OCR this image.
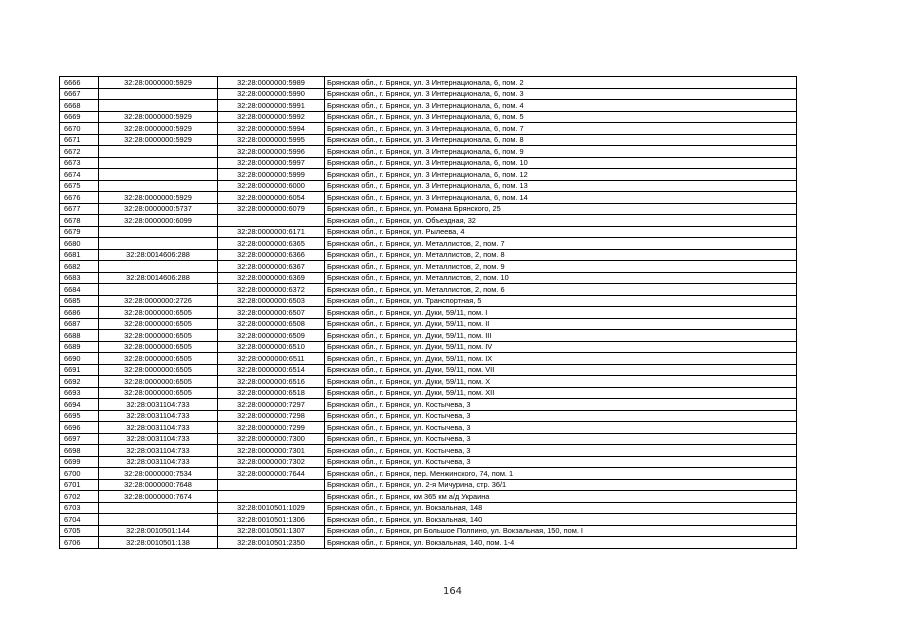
6666	32:28:0000000:5929	32:28:0000000:5989	Брянская обл., г. Брянск, ул. 3 Интернационала, 6, пом. 2
6667		32:28:0000000:5990	Брянская обл., г. Брянск, ул. 3 Интернационала, 6, пом. 3
6668		32:28:0000000:5991	Брянская обл., г. Брянск, ул. 3 Интернационала, 6, пом. 4
6669	32:28:0000000:5929	32:28:0000000:5992	Брянская обл., г. Брянск, ул. 3 Интернационала, 6, пом. 5
6670	32:28:0000000:5929	32:28:0000000:5994	Брянская обл., г. Брянск, ул. 3 Интернационала, 6, пом. 7
6671	32:28:0000000:5929	32:28:0000000:5995	Брянская обл., г. Брянск, ул. 3 Интернационала, 6, пом. 8
6672		32:28:0000000:5996	Брянская обл., г. Брянск, ул. 3 Интернационала, 6, пом. 9
6673		32:28:0000000:5997	Брянская обл., г. Брянск, ул. 3 Интернационала, 6, пом. 10
6674		32:28:0000000:5999	Брянская обл., г. Брянск, ул. 3 Интернационала, 6, пом. 12
6675		32:28:0000000:6000	Брянская обл., г. Брянск, ул. 3 Интернационала, 6, пом. 13
6676	32:28:0000000:5929	32:28:0000000:6054	Брянская обл., г. Брянск, ул. 3 Интернационала, 6, пом. 14
6677	32:28:0000000:5737	32:28:0000000:6079	Брянская обл., г. Брянск, ул. Романа Брянского, 25
6678	32:28:0000000:6099		Брянская обл., г. Брянск, ул. Объездная, 32
6679		32:28:0000000:6171	Брянская обл., г. Брянск, ул. Рылеева, 4
6680		32:28:0000000:6365	Брянская обл., г. Брянск, ул. Металлистов, 2, пом. 7
6681	32:28:0014606:288	32:28:0000000:6366	Брянская обл., г. Брянск, ул. Металлистов, 2, пом. 8
6682		32:28:0000000:6367	Брянская обл., г. Брянск, ул. Металлистов, 2, пом. 9
6683	32:28:0014606:288	32:28:0000000:6369	Брянская обл., г. Брянск, ул. Металлистов, 2, пом. 10
6684		32:28:0000000:6372	Брянская обл., г. Брянск, ул. Металлистов, 2, пом. 6
6685	32:28:0000000:2726	32:28:0000000:6503	Брянская обл., г. Брянск, ул. Транспортная, 5
6686	32:28:0000000:6505	32:28:0000000:6507	Брянская обл., г. Брянск, ул. Дуки, 59/11, пом. I
6687	32:28:0000000:6505	32:28:0000000:6508	Брянская обл., г. Брянск, ул. Дуки, 59/11, пом. II
6688	32:28:0000000:6505	32:28:0000000:6509	Брянская обл., г. Брянск, ул. Дуки, 59/11, пом. III
6689	32:28:0000000:6505	32:28:0000000:6510	Брянская обл., г. Брянск, ул. Дуки, 59/11, пом. IV
6690	32:28:0000000:6505	32:28:0000000:6511	Брянская обл., г. Брянск, ул. Дуки, 59/11, пом. IX
6691	32:28:0000000:6505	32:28:0000000:6514	Брянская обл., г. Брянск, ул. Дуки, 59/11, пом. VII
6692	32:28:0000000:6505	32:28:0000000:6516	Брянская обл., г. Брянск, ул. Дуки, 59/11, пом. X
6693	32:28:0000000:6505	32:28:0000000:6518	Брянская обл., г. Брянск, ул. Дуки, 59/11, пом. XII
6694	32:28:0031104:733	32:28:0000000:7297	Брянская обл., г. Брянск, ул. Костычева, 3
6695	32:28:0031104:733	32:28:0000000:7298	Брянская обл., г. Брянск, ул. Костычева, 3
6696	32:28:0031104:733	32:28:0000000:7299	Брянская обл., г. Брянск, ул. Костычева, 3
6697	32:28:0031104:733	32:28:0000000:7300	Брянская обл., г. Брянск, ул. Костычева, 3
6698	32:28:0031104:733	32:28:0000000:7301	Брянская обл., г. Брянск, ул. Костычева, 3
6699	32:28:0031104:733	32:28:0000000:7302	Брянская обл., г. Брянск, ул. Костычева, 3
6700	32:28:0000000:7534	32:28:0000000:7644	Брянская обл., г. Брянск, пер. Менжинского, 74, пом. 1
6701	32:28:0000000:7648		Брянская обл., г. Брянск, ул. 2-я Мичурина, стр. 36/1
6702	32:28:0000000:7674		Брянская обл., г. Брянск, км 365 км а/д Украина
6703		32:28:0010501:1029	Брянская обл., г. Брянск, ул. Вокзальная, 148
6704		32:28:0010501:1306	Брянская обл., г. Брянск, ул. Вокзальная, 140
6705	32:28:0010501:144	32:28:0010501:1307	Брянская обл., г. Брянск, рп Большое Полпино, ул. Вокзальная, 150, пом. I
6706	32:28:0010501:138	32:28:0010501:2350	Брянская обл., г. Брянск, ул. Вокзальная, 140, пом. 1-4
164
